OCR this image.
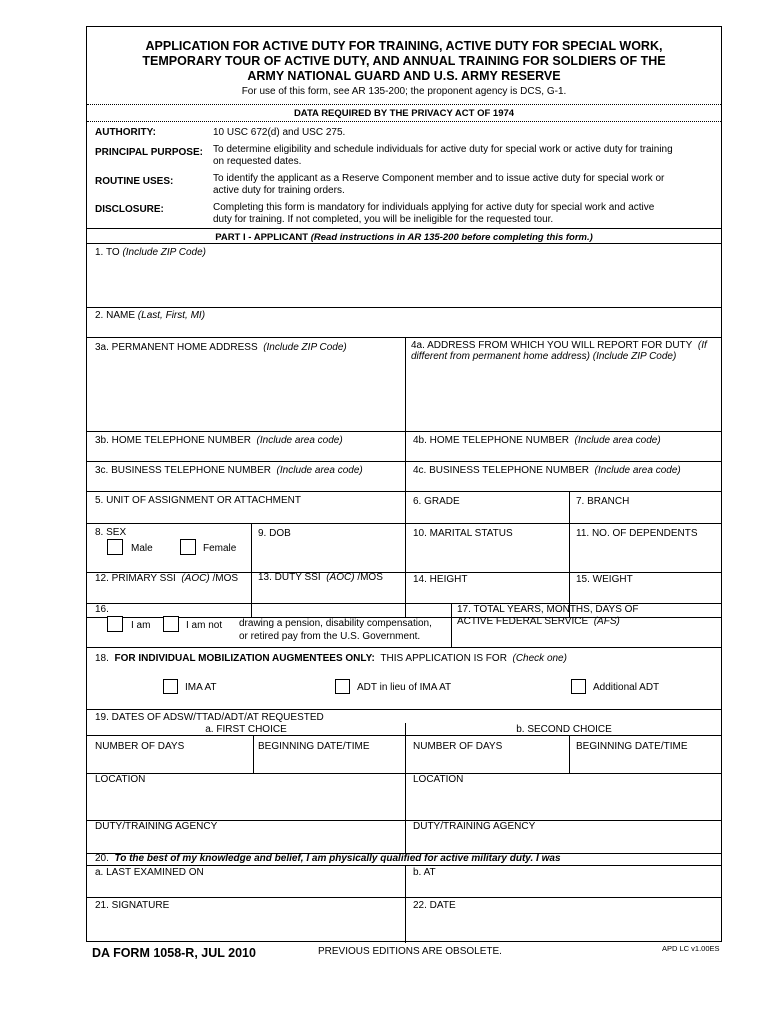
APPLICATION FOR ACTIVE DUTY FOR TRAINING, ACTIVE DUTY FOR SPECIAL WORK,
TEMPORARY TOUR OF ACTIVE DUTY, AND ANNUAL TRAINING FOR SOLDIERS OF THE
ARMY NATIONAL GUARD AND U.S. ARMY RESERVE
For use of this form, see AR 135-200; the proponent agency is DCS, G-1.
DATA REQUIRED BY THE PRIVACY ACT OF 1974
AUTHORITY:	10 USC 672(d) and USC 275.
PRINCIPAL PURPOSE: To determine eligibility and schedule individuals for active duty for special work or active duty for training
on requested dates.
ROUTINE USES:	To identify the applicant as a Reserve Component member and to issue active duty for special work or
active duty for training orders.
DISCLOSURE:	Completing this form is mandatory for individuals applying for active duty for special work and active
duty for training. If not completed, you will be ineligible for the requested tour.
PART I - APPLICANT (Read instructions in AR 135-200 before completing this form.)
1. TO (Include ZIP Code)
2. NAME (Last, First, MI)
3a. PERMANENT HOME ADDRESS (Include ZIP Code)	4a. ADDRESS FROM WHICH YOU WILL REPORT FOR DUTY (If
different from permanent home address) (Include ZIP Code)
3b. HOME TELEPHONE NUMBER (Include area code)	4b. HOME TELEPHONE NUMBER (Include area code)
3c. BUSINESS TELEPHONE NUMBER (Include area code)	4c. BUSINESS TELEPHONE NUMBER (Include area code)
5. UNIT OF ASSIGNMENT OR ATTACHMENT	6. GRADE	7. BRANCH
8. SEX
Male	Female
9. DOB	10. MARITAL STATUS	11. NO. OF DEPENDENTS
12. PRIMARY SSI (AOC) /MOS 13. DUTY SSI (AOC) /MOS	14. HEIGHT	15. WEIGHT
16.
I am	I am not drawing a pension, disability compensation,
or retired pay from the U.S. Government.
17. TOTAL YEARS, MONTHS, DAYS OF
ACTIVE FEDERAL SERVICE (AFS)
18. FOR INDIVIDUAL MOBILIZATION AUGMENTEES ONLY: THIS APPLICATION IS FOR (Check one)
IMA AT	ADT in lieu of IMA AT	Additional ADT
19. DATES OF ADSW/TTAD/ADT/AT REQUESTED
a. FIRST CHOICE	b. SECOND CHOICE
NUMBER OF DAYS	BEGINNING DATE/TIME	NUMBER OF DAYS	BEGINNING DATE/TIME
LOCATION	LOCATION
DUTY/TRAINING AGENCY	DUTY/TRAINING AGENCY
20. To the best of my knowledge and belief, I am physically qualified for active military duty. I was
a. LAST EXAMINED ON	b. AT
21. SIGNATURE	22. DATE
DA FORM 1058-R, JUL 2010	PREVIOUS EDITIONS ARE OBSOLETE.	APD LC v1.00ES
